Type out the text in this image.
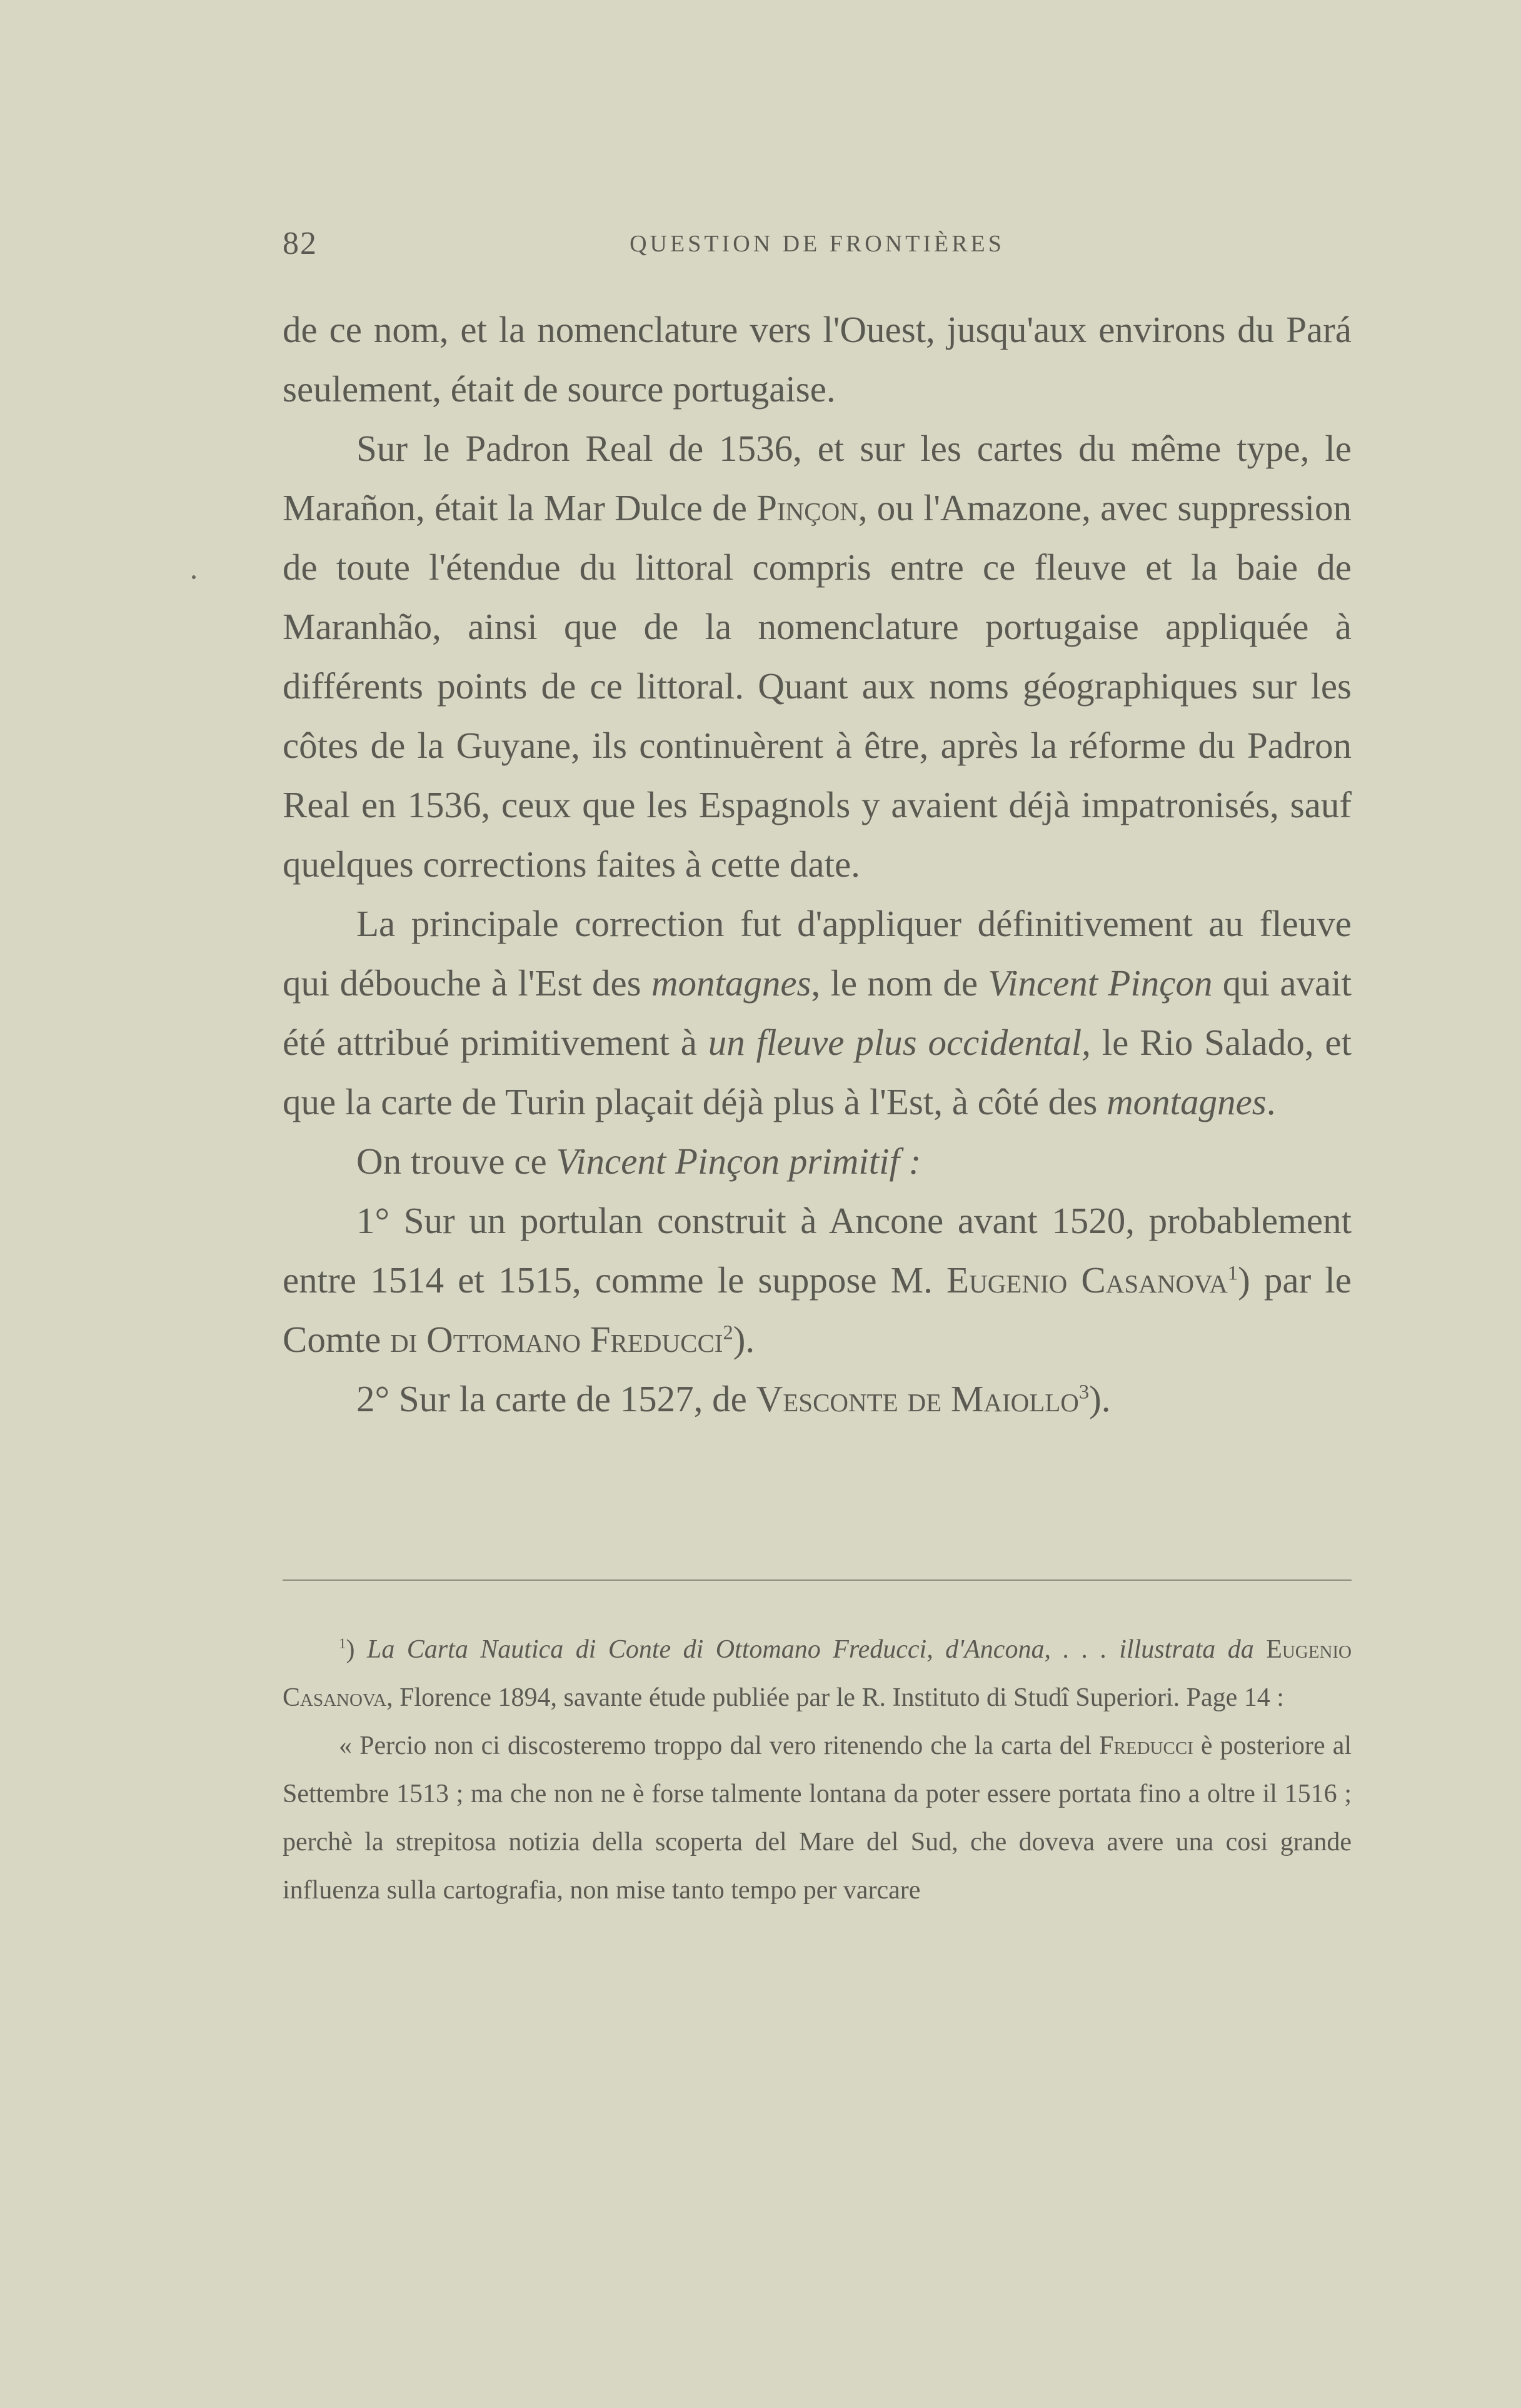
82	QUESTION DE FRONTIÈRES

de ce nom, et la nomenclature vers l'Ouest, jusqu'aux environs du Pará seulement, était de source portugaise.

Sur le Padron Real de 1536, et sur les cartes du même type, le Marañon, était la Mar Dulce de Pinçon, ou l'Amazone, avec suppression de toute l'étendue du littoral compris entre ce fleuve et la baie de Maranhão, ainsi que de la nomenclature portugaise appliquée à différents points de ce littoral. Quant aux noms géographiques sur les côtes de la Guyane, ils continuèrent à être, après la réforme du Padron Real en 1536, ceux que les Espagnols y avaient déjà impatronisés, sauf quelques corrections faites à cette date.

La principale correction fut d'appliquer définitivement au fleuve qui débouche à l'Est des montagnes, le nom de Vincent Pinçon qui avait été attribué primitivement à un fleuve plus occidental, le Rio Salado, et que la carte de Turin plaçait déjà plus à l'Est, à côté des montagnes.

On trouve ce Vincent Pinçon primitif :

1° Sur un portulan construit à Ancone avant 1520, probablement entre 1514 et 1515, comme le suppose M. Eugenio Casanova$^1$) par le Comte di Ottomano Freducci$^2$).

2° Sur la carte de 1527, de Vesconte de Maiollo$^3$).

$^1$) La Carta Nautica di Conte di Ottomano Freducci, d'Ancona, . . . illustrata da Eugenio Casanova, Florence 1894, savante étude publiée par le R. Instituto di Studî Superiori. Page 14 :

« Percio non ci discosteremo troppo dal vero ritenendo che la carta del Freducci è posteriore al Settembre 1513 ; ma che non ne è forse talmente lontana da poter essere portata fino a oltre il 1516 ; perchè la strepitosa notizia della scoperta del Mare del Sud, che doveva avere una cosi grande influenza sulla cartografia, non mise tanto tempo per varcare
